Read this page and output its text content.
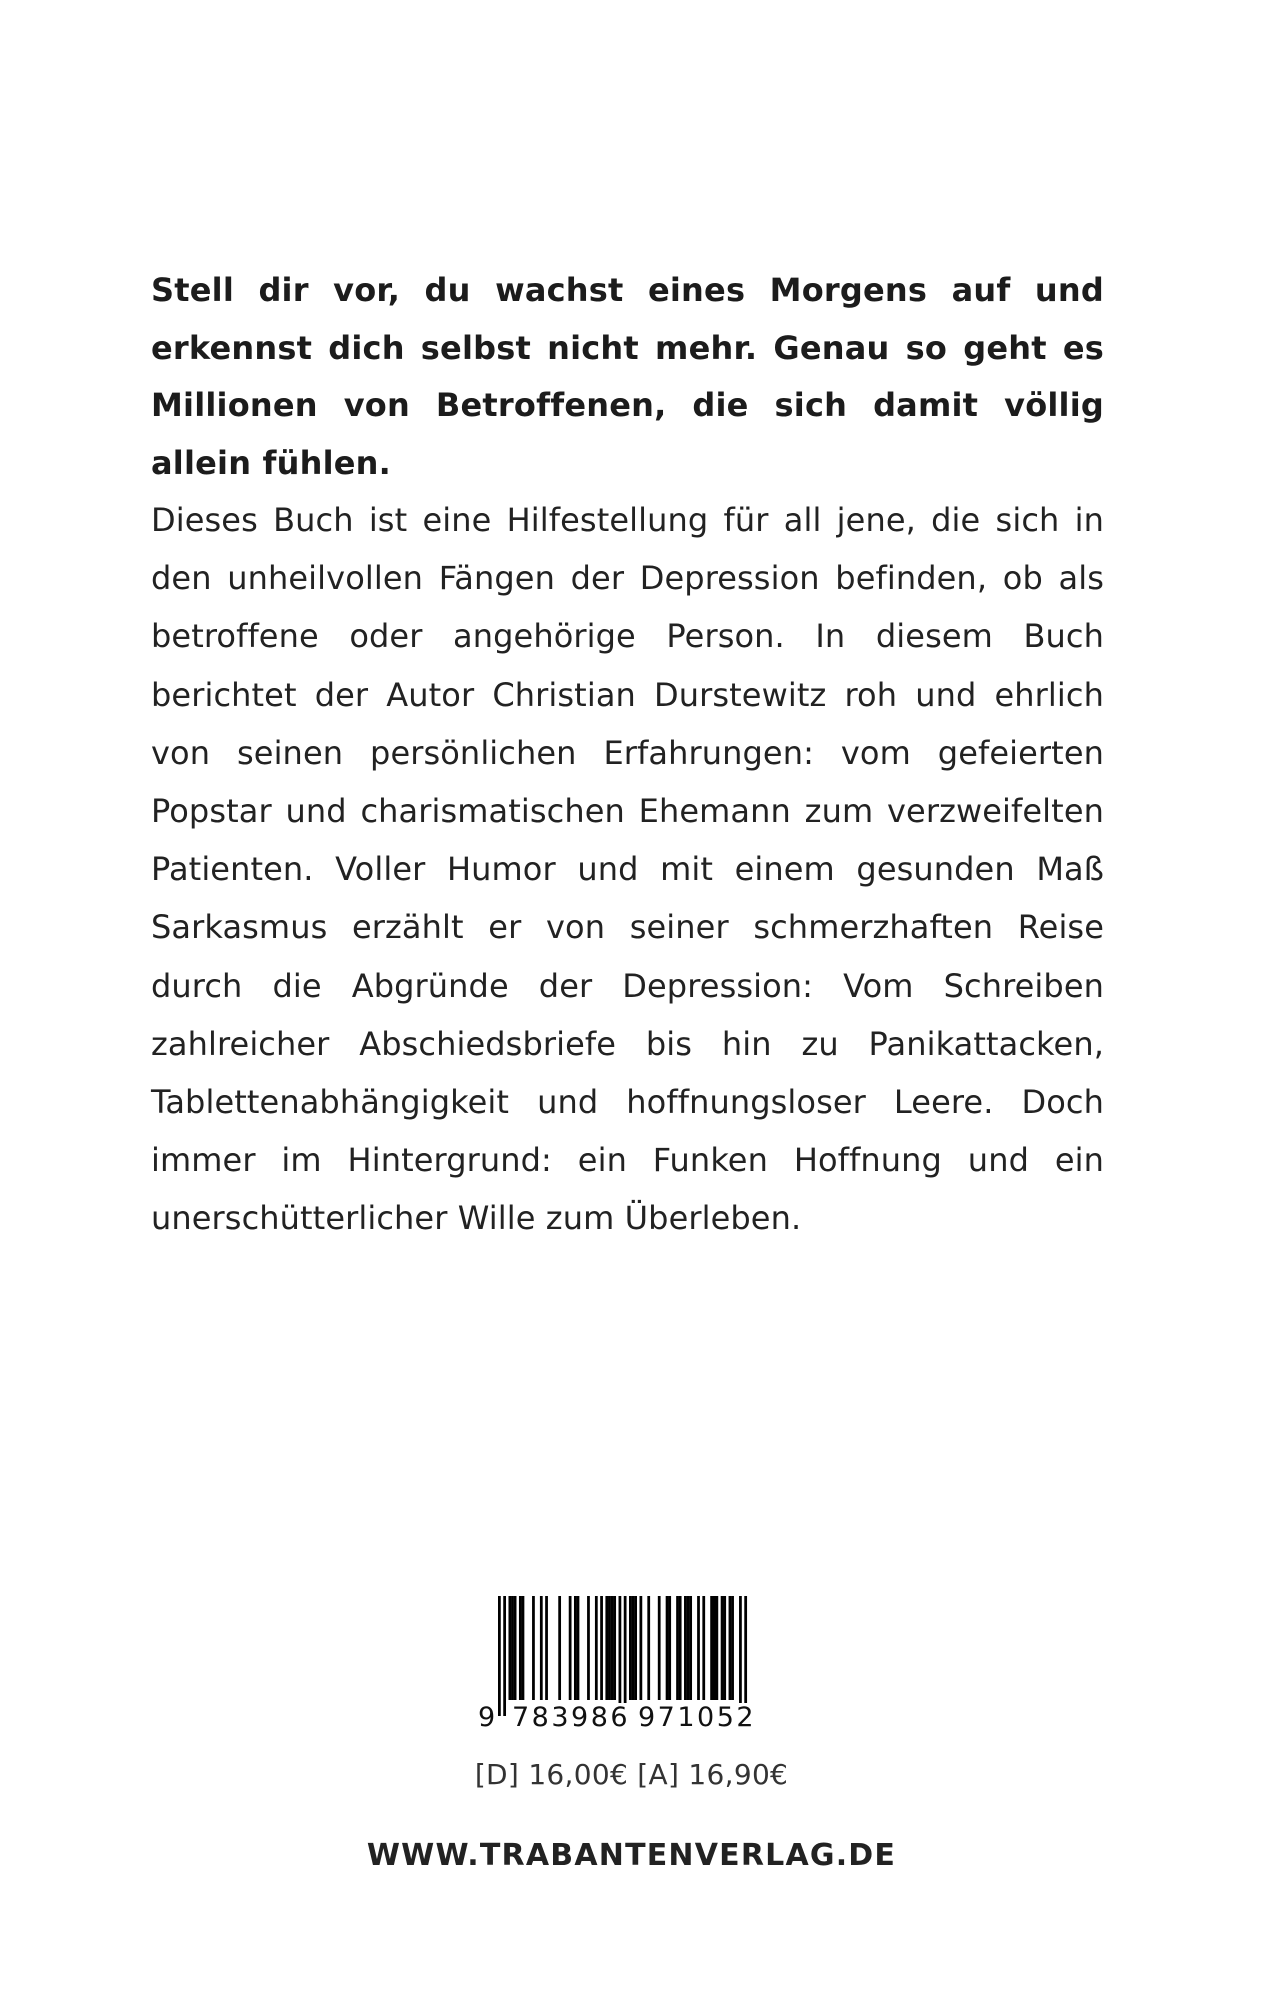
Stell dir vor, du wachst eines Morgens auf und erkennst dich selbst nicht mehr. Genau so geht es Millionen von Betroffenen, die sich damit völlig allein fühlen.
Dieses Buch ist eine Hilfestellung für all jene, die sich in den unheilvollen Fängen der Depression befinden, ob als betroffene oder angehörige Person. In diesem Buch berichtet der Autor Christian Durstewitz roh und ehrlich von seinen persönlichen Erfahrungen: vom gefeierten Popstar und charismatischen Ehemann zum verzweifelten Patienten. Voller Humor und mit einem gesunden Maß Sarkasmus erzählt er von seiner schmerzhaften Reise durch die Abgründe der Depression: Vom Schreiben zahlreicher Abschiedsbriefe bis hin zu Panikattacken, Tablettenabhängigkeit und hoffnungsloser Leere. Doch immer im Hintergrund: ein Funken Hoffnung und ein unerschütterlicher Wille zum Überleben.
9 783986 971052
[D] 16,00€ [A] 16,90€
WWW.TRABANTENVERLAG.DE
